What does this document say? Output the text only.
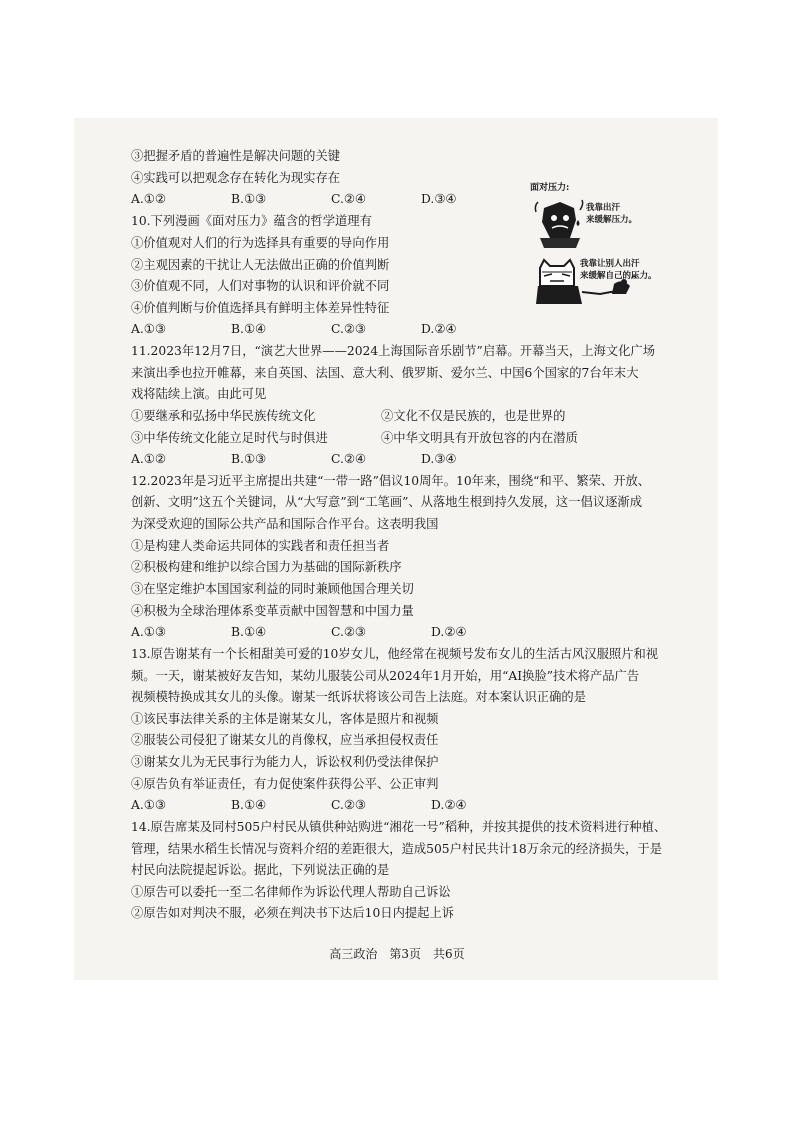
③把握矛盾的普遍性是解决问题的关键
④实践可以把观念存在转化为现实存在
A.①②	B.①③	C.②④	D.③④
10.下列漫画《面对压力》蕴含的哲学道理有
①价值观对人们的行为选择具有重要的导向作用
②主观因素的干扰让人无法做出正确的价值判断
③价值观不同，人们对事物的认识和评价就不同
④价值判断与价值选择具有鲜明主体差异性特征
A.①③	B.①④	C.②③	D.②④
面对压力:
我靠出汗
来缓解压力。
我靠让别人出汗
来缓解自己的压力。
11.2023年12月7日，“演艺大世界——2024上海国际音乐剧节”启幕。开幕当天，上海文化广场
来演出季也拉开帷幕，来自英国、法国、意大利、俄罗斯、爱尔兰、中国6个国家的7台年末大
戏将陆续上演。由此可见
①要继承和弘扬中华民族传统文化	②文化不仅是民族的，也是世界的
③中华传统文化能立足时代与时俱进	④中华文明具有开放包容的内在潜质
A.①②	B.①③	C.②④	D.③④
12.2023年是习近平主席提出共建“一带一路”倡议10周年。10年来，围绕“和平、繁荣、开放、
创新、文明”这五个关键词，从“大写意”到“工笔画”、从落地生根到持久发展，这一倡议逐渐成
为深受欢迎的国际公共产品和国际合作平台。这表明我国
①是构建人类命运共同体的实践者和责任担当者
②积极构建和维护以综合国力为基础的国际新秩序
③在坚定维护本国国家利益的同时兼顾他国合理关切
④积极为全球治理体系变革贡献中国智慧和中国力量
A.①③	B.①④	C.②③	D.②④
13.原告谢某有一个长相甜美可爱的10岁女儿，他经常在视频号发布女儿的生活古风汉服照片和视
频。一天，谢某被好友告知，某幼儿服装公司从2024年1月开始，用“AI换脸”技术将产品广告
视频模特换成其女儿的头像。谢某一纸诉状将该公司告上法庭。对本案认识正确的是
①该民事法律关系的主体是谢某女儿，客体是照片和视频
②服装公司侵犯了谢某女儿的肖像权，应当承担侵权责任
③谢某女儿为无民事行为能力人，诉讼权利仍受法律保护
④原告负有举证责任，有力促使案件获得公平、公正审判
A.①③	B.①④	C.②③	D.②④
14.原告席某及同村505户村民从镇供种站购进“湘花一号”稻种，并按其提供的技术资料进行种植、
管理，结果水稻生长情况与资料介绍的差距很大，造成505户村民共计18万余元的经济损失，于是
村民向法院提起诉讼。据此，下列说法正确的是
①原告可以委托一至二名律师作为诉讼代理人帮助自己诉讼
②原告如对判决不服，必须在判决书下达后10日内提起上诉
高三政治　第3页　共6页
